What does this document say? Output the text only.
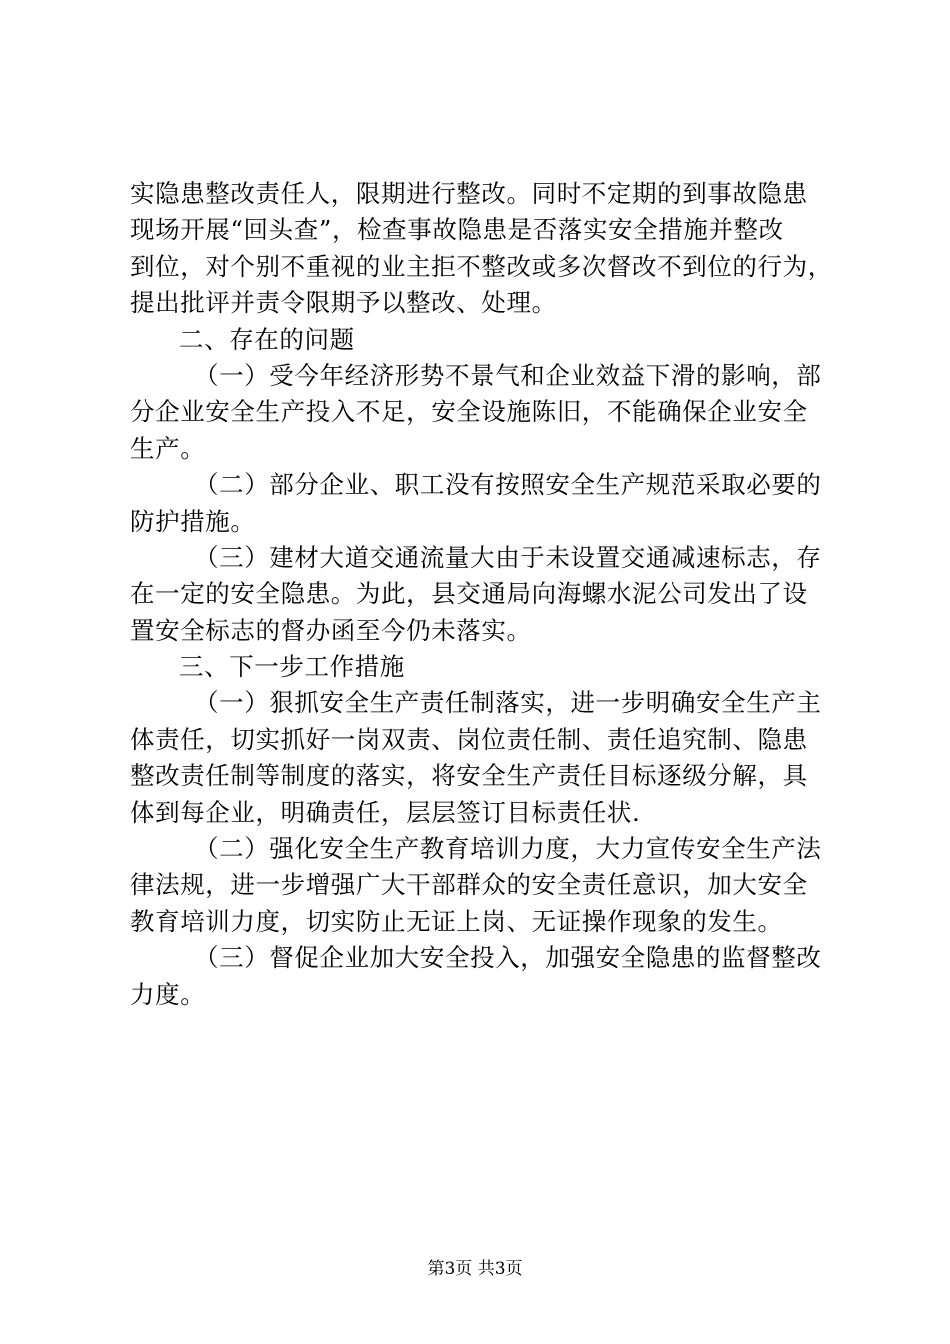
实隐患整改责任人，限期进行整改。同时不定期的到事故隐患
现场开展“回头查”，检查事故隐患是否落实安全措施并整改
到位，对个别不重视的业主拒不整改或多次督改不到位的行为，
提出批评并责令限期予以整改、处理。
二、存在的问题
（一）受今年经济形势不景气和企业效益下滑的影响，部
分企业安全生产投入不足，安全设施陈旧，不能确保企业安全
生产。
（二）部分企业、职工没有按照安全生产规范采取必要的
防护措施。
（三）建材大道交通流量大由于未设置交通减速标志，存
在一定的安全隐患。为此，县交通局向海螺水泥公司发出了设
置安全标志的督办函至今仍未落实。
三、下一步工作措施
（一）狠抓安全生产责任制落实，进一步明确安全生产主
体责任，切实抓好一岗双责、岗位责任制、责任追究制、隐患
整改责任制等制度的落实，将安全生产责任目标逐级分解，具
体到每企业，明确责任，层层签订目标责任状.
（二）强化安全生产教育培训力度，大力宣传安全生产法
律法规，进一步增强广大干部群众的安全责任意识，加大安全
教育培训力度，切实防止无证上岗、无证操作现象的发生。
（三）督促企业加大安全投入，加强安全隐患的监督整改
力度。
第3页 共3页
